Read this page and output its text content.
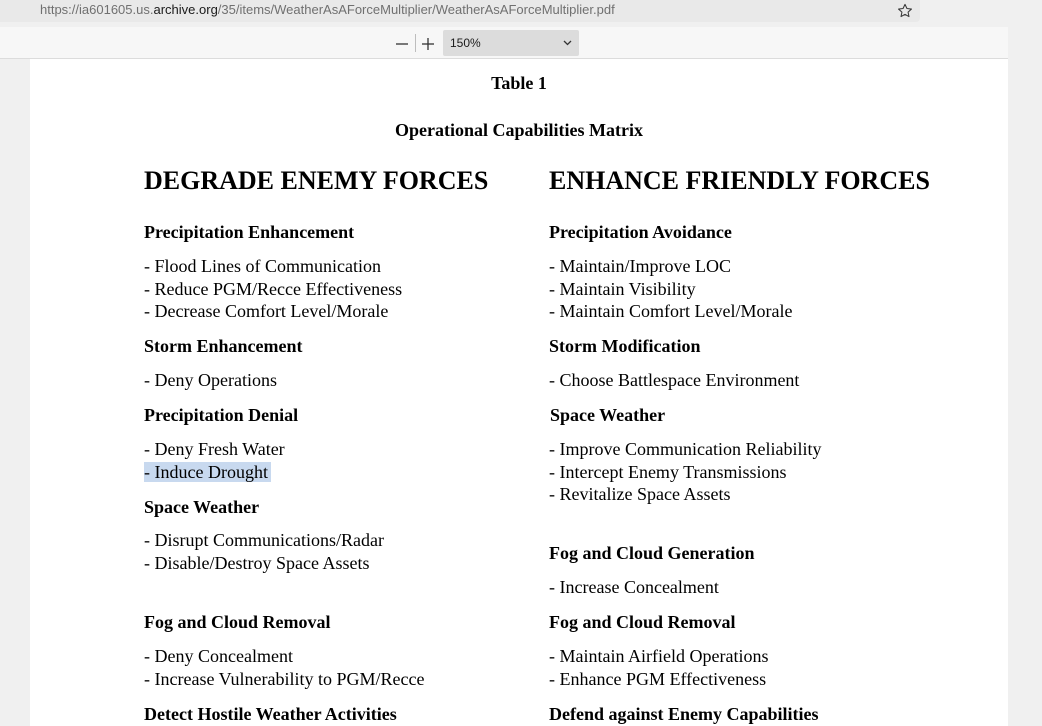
https://ia601605.us.archive.org/35/items/WeatherAsAForceMultiplier/WeatherAsAForceMultiplier.pdf
150%
Table 1
Operational Capabilities Matrix
DEGRADE ENEMY FORCES
Precipitation Enhancement
- Flood Lines of Communication
- Reduce PGM/Recce Effectiveness
- Decrease Comfort Level/Morale
Storm Enhancement
- Deny Operations
Precipitation Denial
- Deny Fresh Water
- Induce Drought
Space Weather
- Disrupt Communications/Radar
- Disable/Destroy Space Assets
Fog and Cloud Removal
- Deny Concealment
- Increase Vulnerability to PGM/Recce
Detect Hostile Weather Activities
ENHANCE FRIENDLY FORCES
Precipitation Avoidance
- Maintain/Improve LOC
- Maintain Visibility
- Maintain Comfort Level/Morale
Storm Modification
- Choose Battlespace Environment
Space Weather
- Improve Communication Reliability
- Intercept Enemy Transmissions
- Revitalize Space Assets
Fog and Cloud Generation
- Increase Concealment
Fog and Cloud Removal
- Maintain Airfield Operations
- Enhance PGM Effectiveness
Defend against Enemy Capabilities
